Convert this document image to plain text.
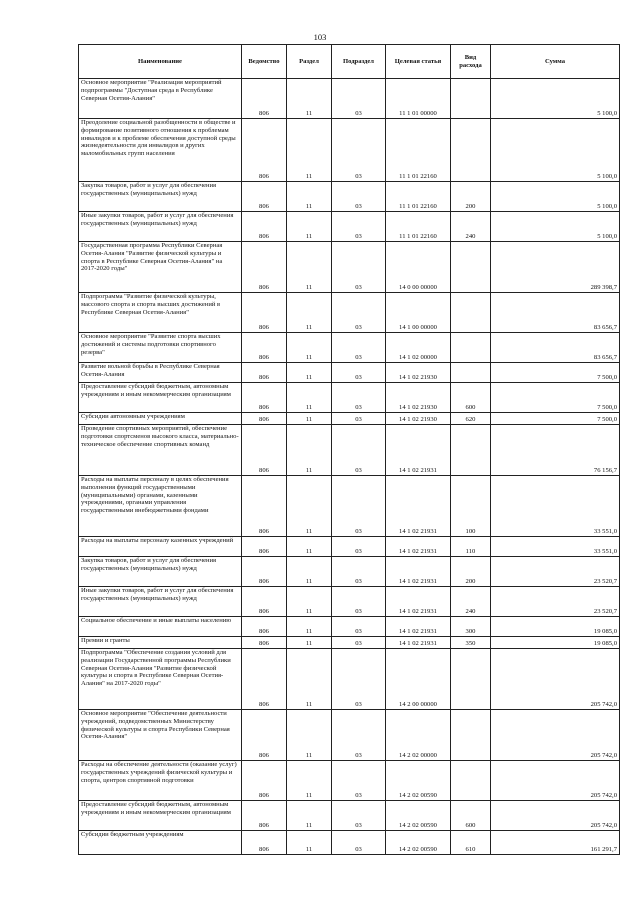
103
Наименование	Ведомство	Раздел	Подраздел	Целевая статья	Вид расхода	Сумма
Основное мероприятие "Реализация мероприятий подпрограммы "Доступная среда в Республике Северная Осетия-Алания"	806	11	03	11 1 01 00000		5 100,0
Преодоление социальной разобщенности в обществе и формирование позитивного отношения к проблемам инвалидов и к проблеме обеспечения доступной среды жизнедеятельности для инвалидов и других маломобильных групп населения	806	11	03	11 1 01 22160		5 100,0
Закупка товаров, работ и услуг для обеспечения государственных (муниципальных) нужд	806	11	03	11 1 01 22160	200	5 100,0
Иные закупки товаров, работ и услуг для обеспечения государственных (муниципальных) нужд	806	11	03	11 1 01 22160	240	5 100,0
Государственная программа Республики Северная Осетия-Алания "Развитие физической культуры и спорта в Республике Северная Осетия-Алания" на 2017-2020 годы"	806	11	03	14 0 00 00000		289 398,7
Подпрограмма "Развитие физической культуры, массового спорта и спорта высших достижений в Республике Северная Осетия-Алания"	806	11	03	14 1 00 00000		83 656,7
Основное мероприятие "Развитие спорта высших достижений и системы подготовки спортивного резерва"	806	11	03	14 1 02 00000		83 656,7
Развитие вольной борьбы в Республике Северная Осетия-Алания	806	11	03	14 1 02 21930		7 500,0
Предоставление субсидий бюджетным, автономным учреждениям и иным некоммерческим организациям	806	11	03	14 1 02 21930	600	7 500,0
Субсидии автономным учреждениям	806	11	03	14 1 02 21930	620	7 500,0
Проведение спортивных мероприятий, обеспечение подготовки спортсменов высокого класса, материально-техническое обеспечение спортивных команд	806	11	03	14 1 02 21931		76 156,7
Расходы на выплаты персоналу в целях обеспечения выполнения функций государственными (муниципальными) органами, казенными учреждениями, органами управления государственными внебюджетными фондами	806	11	03	14 1 02 21931	100	33 551,0
Расходы на выплаты персоналу казенных учреждений	806	11	03	14 1 02 21931	110	33 551,0
Закупка товаров, работ и услуг для обеспечения государственных (муниципальных) нужд	806	11	03	14 1 02 21931	200	23 520,7
Иные закупки товаров, работ и услуг для обеспечения государственных (муниципальных) нужд	806	11	03	14 1 02 21931	240	23 520,7
Социальное обеспечение и иные выплаты населению	806	11	03	14 1 02 21931	300	19 085,0
Премии и гранты	806	11	03	14 1 02 21931	350	19 085,0
Подпрограмма "Обеспечение создания условий для реализации Государственной программы Республики Северная Осетия-Алания "Развитие физической культуры и спорта в Республике Северная Осетия-Алания" на 2017-2020 годы"	806	11	03	14 2 00 00000		205 742,0
Основное мероприятие "Обеспечение деятельности учреждений, подведомственных Министерству физической культуры и спорта Республики Северная Осетия-Алания"	806	11	03	14 2 02 00000		205 742,0
Расходы на обеспечение деятельности (оказание услуг) государственных учреждений физической культуры и спорта, центров спортивной подготовки	806	11	03	14 2 02 00590		205 742,0
Предоставление субсидий бюджетным, автономным учреждениям и иным некоммерческим организациям	806	11	03	14 2 02 00590	600	205 742,0
Субсидии бюджетным учреждениям	806	11	03	14 2 02 00590	610	161 291,7
